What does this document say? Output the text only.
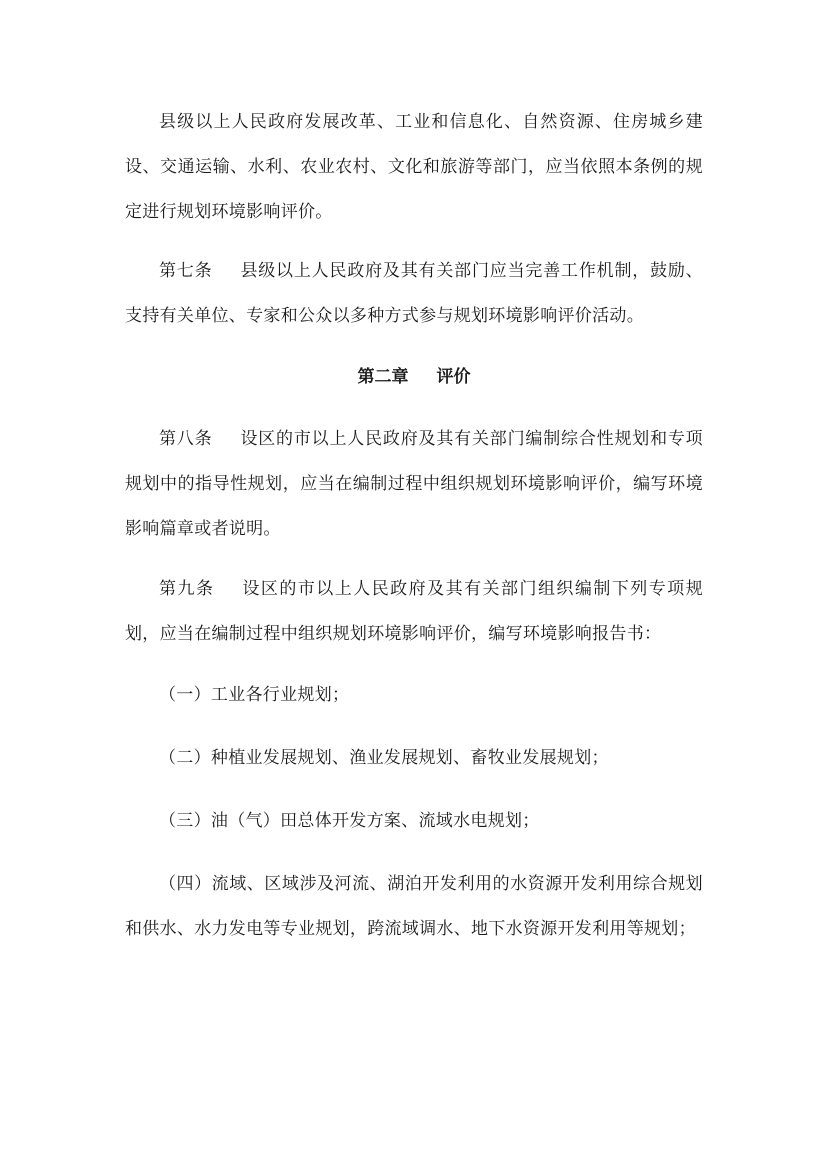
县级以上人民政府发展改革、工业和信息化、自然资源、住房城乡建设、交通运输、水利、农业农村、文化和旅游等部门，应当依照本条例的规定进行规划环境影响评价。

第七条 县级以上人民政府及其有关部门应当完善工作机制，鼓励、支持有关单位、专家和公众以多种方式参与规划环境影响评价活动。

第二章 评价

第八条 设区的市以上人民政府及其有关部门编制综合性规划和专项规划中的指导性规划，应当在编制过程中组织规划环境影响评价，编写环境影响篇章或者说明。

第九条 设区的市以上人民政府及其有关部门组织编制下列专项规划，应当在编制过程中组织规划环境影响评价，编写环境影响报告书：

（一）工业各行业规划；

（二）种植业发展规划、渔业发展规划、畜牧业发展规划；

（三）油（气）田总体开发方案、流域水电规划；

（四）流域、区域涉及河流、湖泊开发利用的水资源开发利用综合规划和供水、水力发电等专业规划，跨流域调水、地下水资源开发利用等规划；
